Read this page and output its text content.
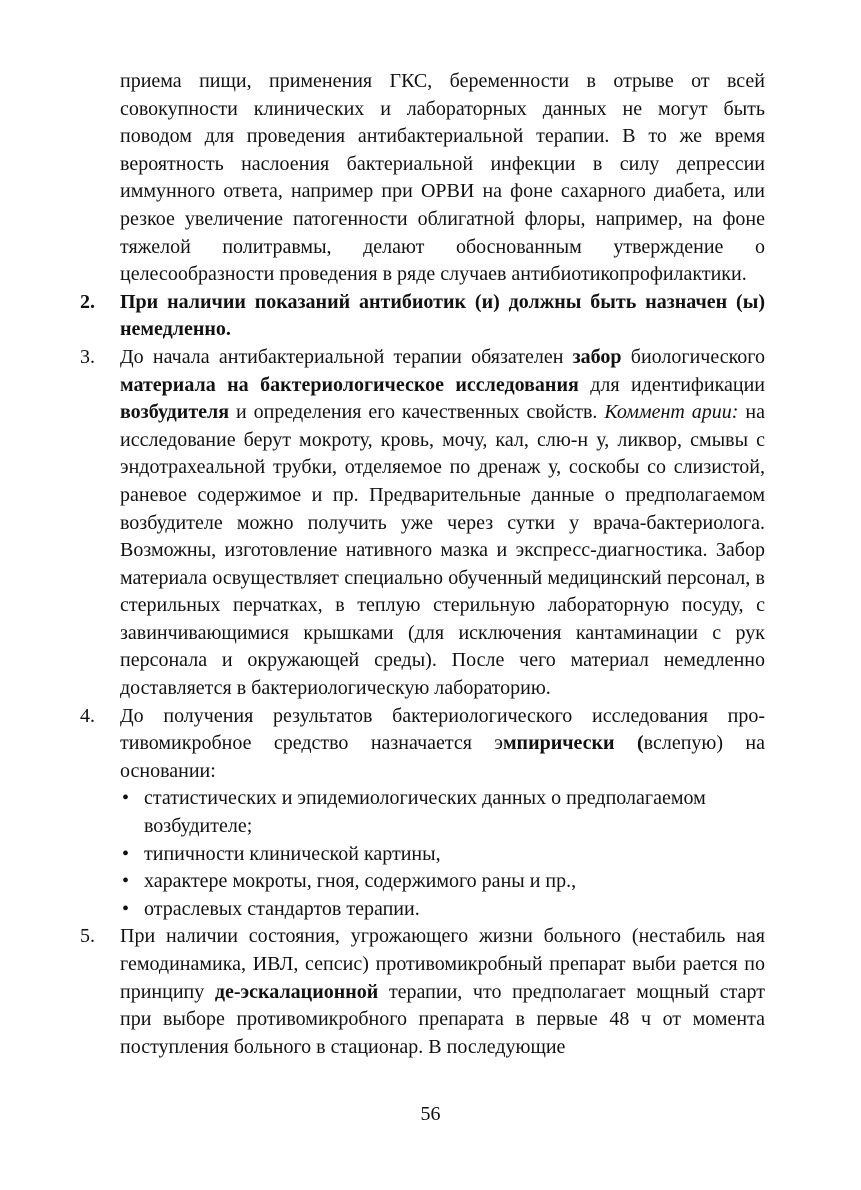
приема пищи, применения ГКС, беременности в отрыве от всей совокупности клинических и лабораторных данных не могут быть поводом для проведения антибактериальной терапии. В то же время вероятность наслоения бактериальной инфекции в силу депрессии иммунного ответа, например при ОРВИ на фоне сахарного диабета, или резкое увеличение патогенности облигатной флоры, например, на фоне тяжелой политравмы, делают обоснованным утверждение о целесообразности проведения в ряде случаев антибиотикопрофилактики.

2.	При наличии показаний антибиотик (и) должны быть назначен (ы) немедленно.
3.	До начала антибактериальной терапии обязателен забор биологического материала на бактериологическое исследования для идентификации возбудителя и определения его качественных свойств. Коммент арии: на исследование берут мокроту, кровь, мочу, кал, слю-н у, ликвор, смывы с эндотрахеальной трубки, отделяемое по дренаж у, соскобы со слизистой, раневое содержимое и пр. Предварительные данные о предполагаемом возбудителе можно получить уже через сутки у врача-бактериолога. Возможны, изготовление нативного мазка и экспресс-диагностика. Забор материала освуществляет специально обученный медицинский персонал, в стерильных перчатках, в теплую стерильную лабораторную посуду, с завинчивающимися крышками (для исключения кантаминации с рук персонала и окружающей среды). После чего материал немедленно доставляется в бактериологическую лабораторию.
4.	До получения результатов бактериологического исследования про-тивомикробное средство назначается эмпирически (вслепую) на основании:
• статистических и эпидемиологических данных о предполагаемом возбудителе;
• типичности клинической картины,
• характере мокроты, гноя, содержимого раны и пр.,
• отраслевых стандартов терапии.
5.	При наличии состояния, угрожающего жизни больного (нестабиль ная гемодинамика, ИВЛ, сепсис) противомикробный препарат выби рается по принципу де-эскалационной терапии, что предполагает мощный старт при выборе противомикробного препарата в первые 48 ч от момента поступления больного в стационар. В последующие
56
